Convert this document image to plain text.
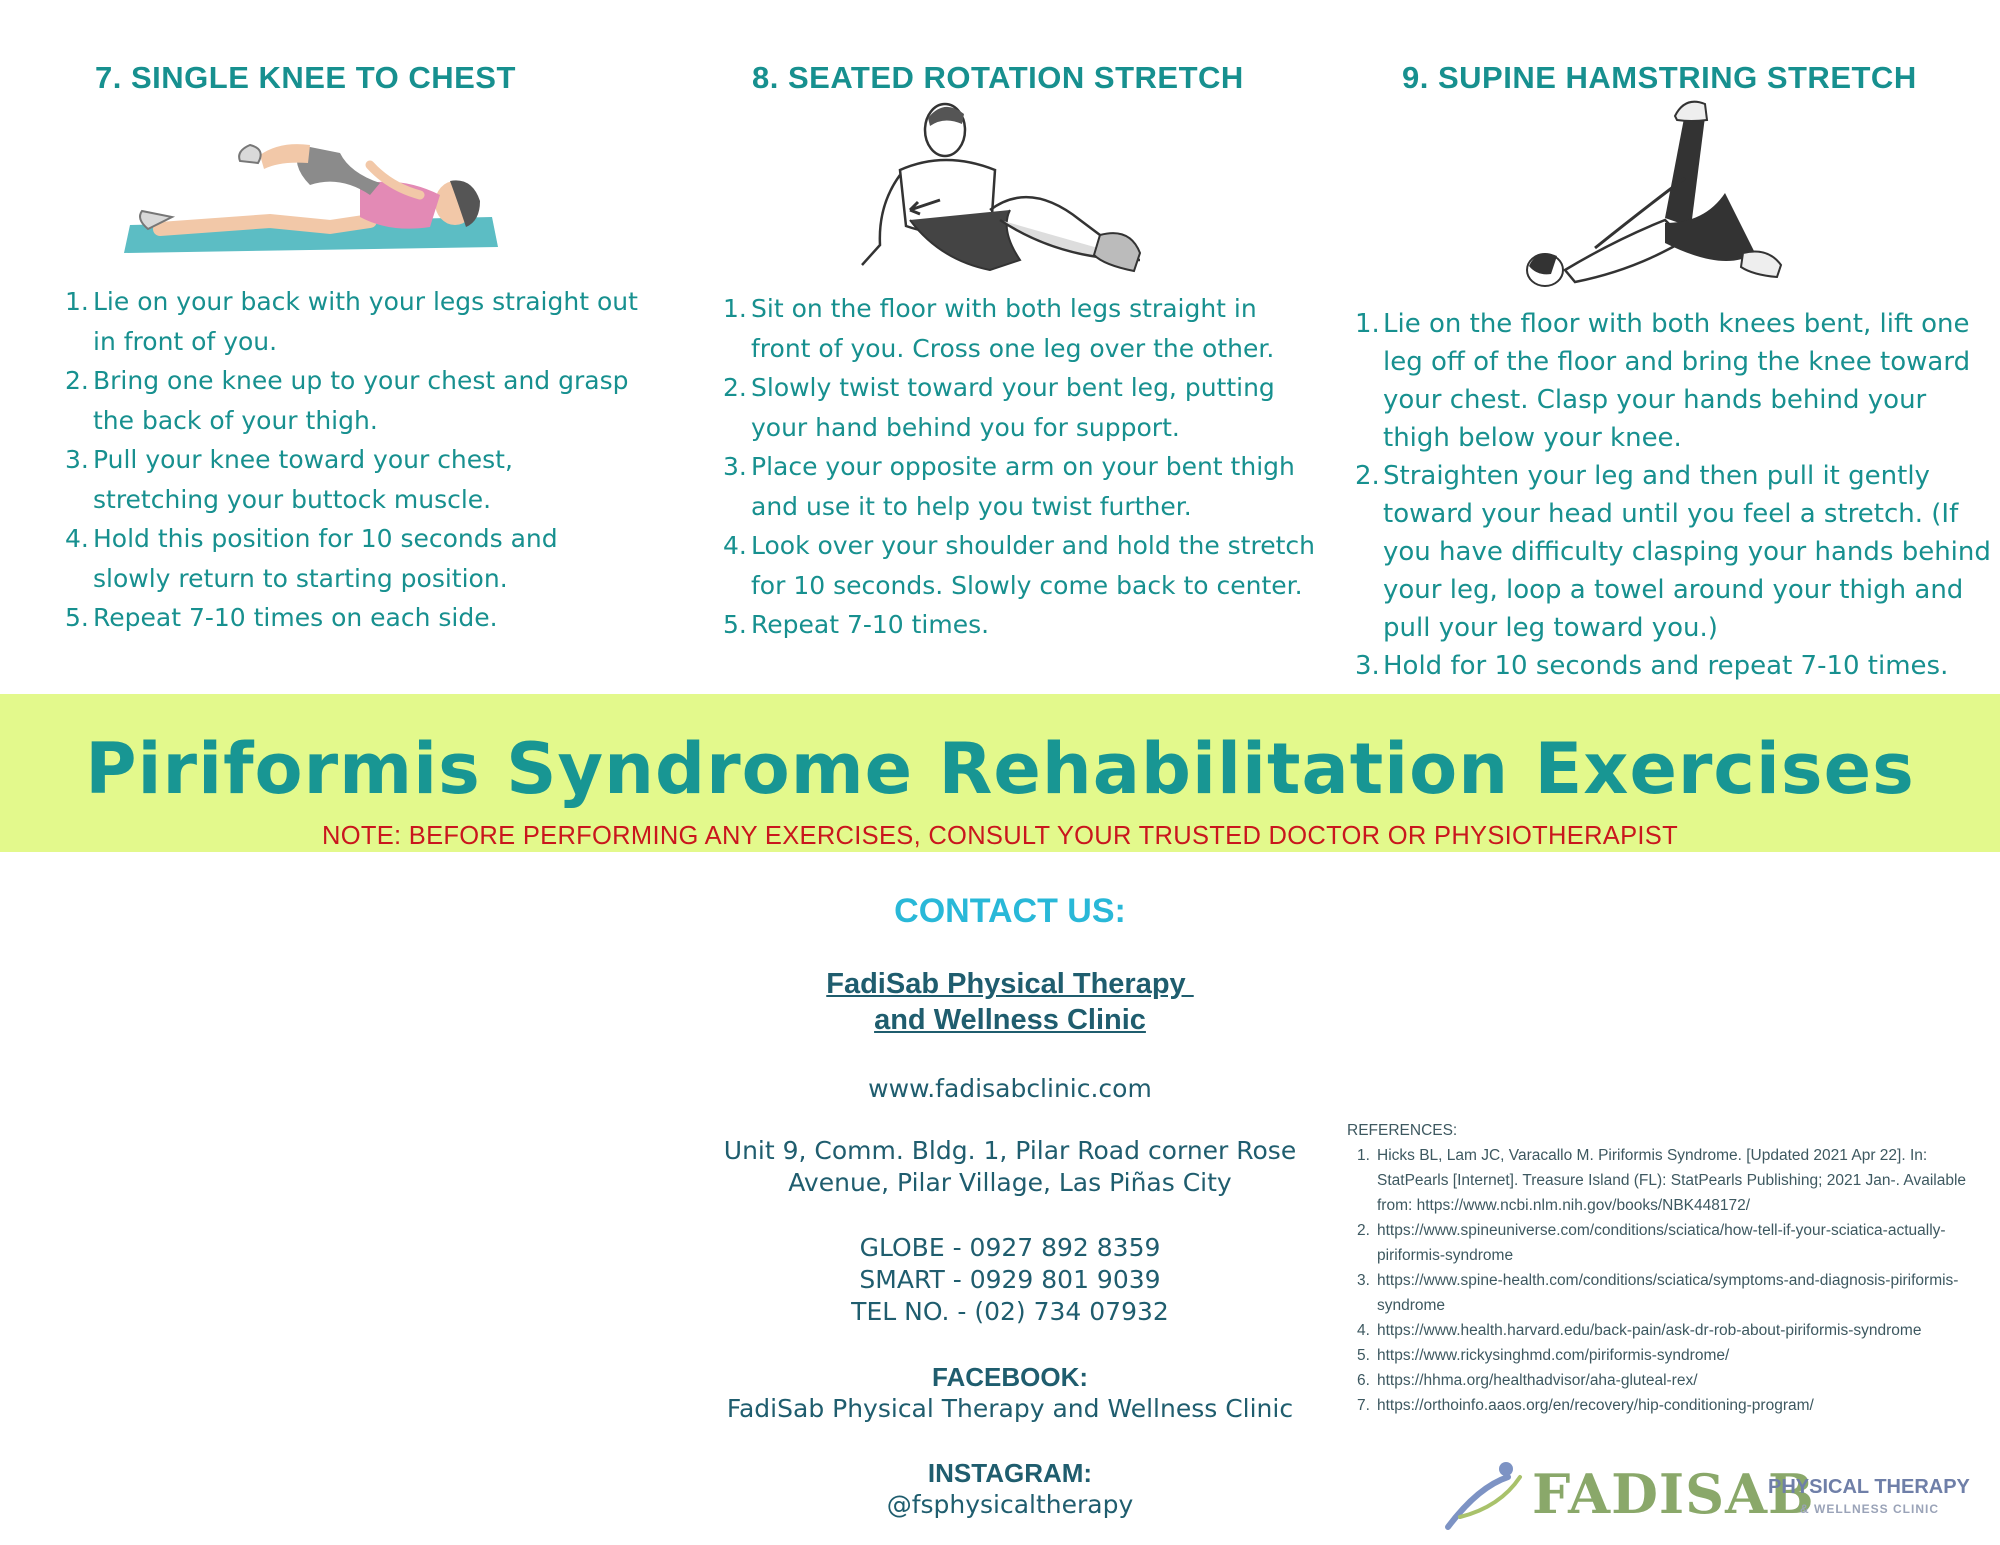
7. SINGLE KNEE TO CHEST
1. Lie on your back with your legs straight out in front of you.
2. Bring one knee up to your chest and grasp the back of your thigh.
3. Pull your knee toward your chest, stretching your buttock muscle.
4. Hold this position for 10 seconds and slowly return to starting position.
5. Repeat 7-10 times on each side.
8. SEATED ROTATION STRETCH
1. Sit on the floor with both legs straight in front of you. Cross one leg over the other.
2. Slowly twist toward your bent leg, putting your hand behind you for support.
3. Place your opposite arm on your bent thigh and use it to help you twist further.
4. Look over your shoulder and hold the stretch for 10 seconds. Slowly come back to center.
5. Repeat 7-10 times.
9. SUPINE HAMSTRING STRETCH
1. Lie on the floor with both knees bent, lift one leg off of the floor and bring the knee toward your chest. Clasp your hands behind your thigh below your knee.
2. Straighten your leg and then pull it gently toward your head until you feel a stretch. (If you have difficulty clasping your hands behind your leg, loop a towel around your thigh and pull your leg toward you.)
3. Hold for 10 seconds and repeat 7-10 times.
Piriformis Syndrome Rehabilitation Exercises
NOTE: BEFORE PERFORMING ANY EXERCISES, CONSULT YOUR TRUSTED DOCTOR OR PHYSIOTHERAPIST
CONTACT US:
FadiSab Physical Therapy
and Wellness Clinic
www.fadisabclinic.com
Unit 9, Comm. Bldg. 1, Pilar Road corner Rose
Avenue, Pilar Village, Las Piñas City
GLOBE - 0927 892 8359
SMART - 0929 801 9039
TEL NO. - (02) 734 07932
FACEBOOK:
FadiSab Physical Therapy and Wellness Clinic
INSTAGRAM:
@fsphysicaltherapy
REFERENCES:
1. Hicks BL, Lam JC, Varacallo M. Piriformis Syndrome. [Updated 2021 Apr 22]. In: StatPearls [Internet]. Treasure Island (FL): StatPearls Publishing; 2021 Jan-. Available from: https://www.ncbi.nlm.nih.gov/books/NBK448172/
2. https://www.spineuniverse.com/conditions/sciatica/how-tell-if-your-sciatica-actually-piriformis-syndrome
3. https://www.spine-health.com/conditions/sciatica/symptoms-and-diagnosis-piriformis-syndrome
4. https://www.health.harvard.edu/back-pain/ask-dr-rob-about-piriformis-syndrome
5. https://www.rickysinghmd.com/piriformis-syndrome/
6. https://hhma.org/healthadvisor/aha-gluteal-rex/
7. https://orthoinfo.aaos.org/en/recovery/hip-conditioning-program/
FADISAB
PHYSICAL THERAPY
& WELLNESS CLINIC
